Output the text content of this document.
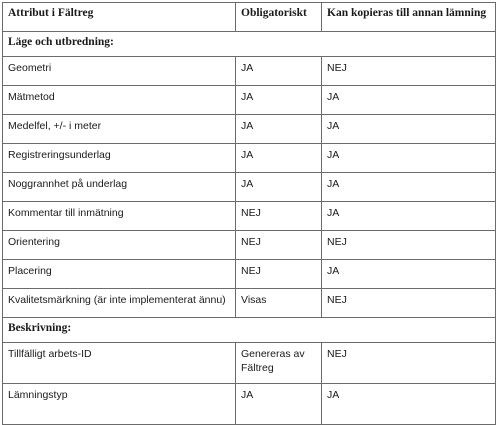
Attribut i Fältreg	Obligatoriskt	Kan kopieras till annan lämning
Läge och utbredning:		
Geometri	JA	NEJ
Mätmetod	JA	JA
Medelfel, +/- i meter	JA	JA
Registreringsunderlag	JA	JA
Noggrannhet på underlag	JA	JA
Kommentar till inmätning	NEJ	JA
Orientering	NEJ	NEJ
Placering	NEJ	JA
Kvalitetsmärkning (är inte implementerat ännu)	Visas	NEJ
Beskrivning:		
Tillfälligt arbets-ID	Genereras av Fältreg	NEJ
Lämningstyp	JA	JA
